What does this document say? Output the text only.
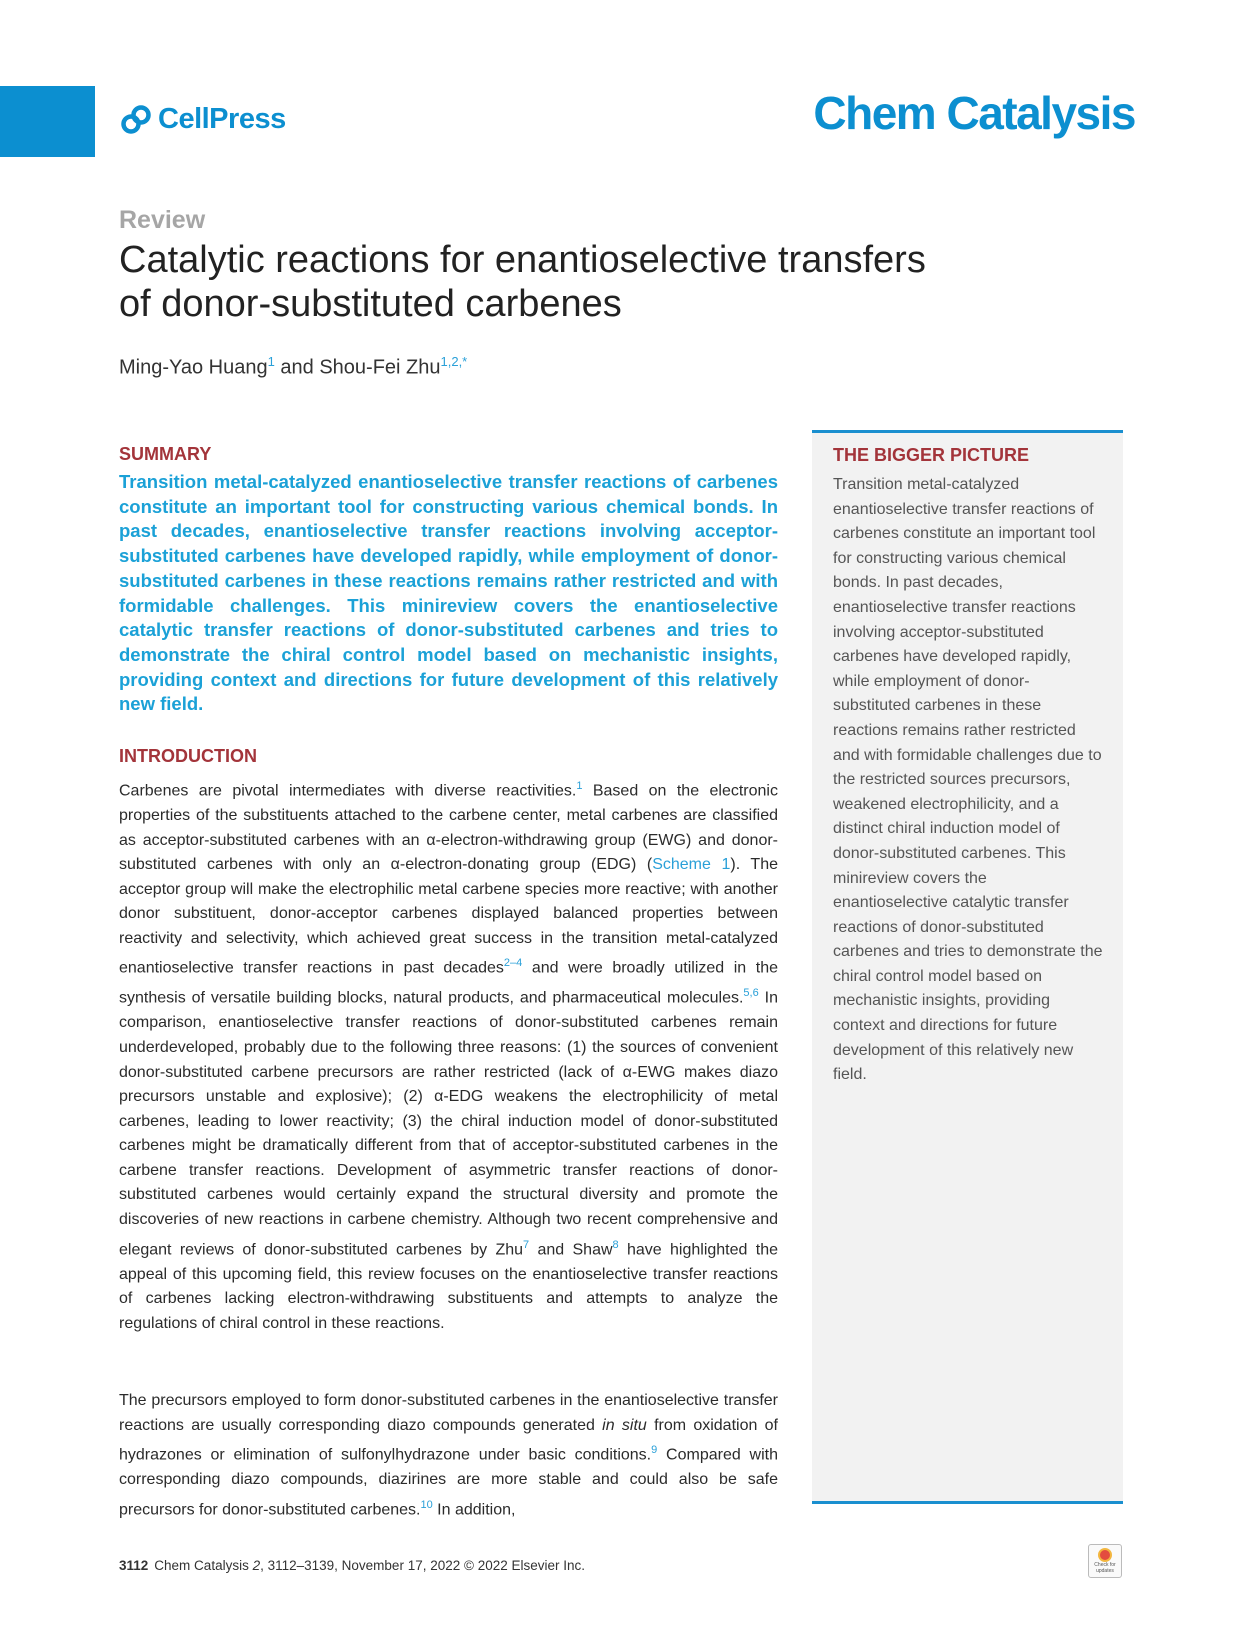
CellPress	Chem Catalysis
Review
Catalytic reactions for enantioselective transfers
of donor-substituted carbenes
Ming-Yao Huang$^1$ and Shou-Fei Zhu$^{1,2,*}$
SUMMARY

Transition metal-catalyzed enantioselective transfer reactions of carbenes constitute an important tool for constructing various chemical bonds. In past decades, enantioselective transfer reactions involving acceptor-substituted carbenes have developed rapidly, while employment of donor-substituted carbenes in these reactions remains rather restricted and with formidable challenges. This minireview covers the enantioselective catalytic transfer reactions of donor-substituted carbenes and tries to demonstrate the chiral control model based on mechanistic insights, providing context and directions for future development of this relatively new field.

INTRODUCTION

Carbenes are pivotal intermediates with diverse reactivities.$^1$ Based on the electronic properties of the substituents attached to the carbene center, metal carbenes are classified as acceptor-substituted carbenes with an α-electron-withdrawing group (EWG) and donor-substituted carbenes with only an α-electron-donating group (EDG) (Scheme 1). The acceptor group will make the electrophilic metal carbene species more reactive; with another donor substituent, donor-acceptor carbenes displayed balanced properties between reactivity and selectivity, which achieved great success in the transition metal-catalyzed enantioselective transfer reactions in past decades$^{2-4}$ and were broadly utilized in the synthesis of versatile building blocks, natural products, and pharmaceutical molecules.$^{5,6}$ In comparison, enantioselective transfer reactions of donor-substituted carbenes remain underdeveloped, probably due to the following three reasons: (1) the sources of convenient donor-substituted carbene precursors are rather restricted (lack of α-EWG makes diazo precursors unstable and explosive); (2) α-EDG weakens the electrophilicity of metal carbenes, leading to lower reactivity; (3) the chiral induction model of donor-substituted carbenes might be dramatically different from that of acceptor-substituted carbenes in the carbene transfer reactions. Development of asymmetric transfer reactions of donor-substituted carbenes would certainly expand the structural diversity and promote the discoveries of new reactions in carbene chemistry. Although two recent comprehensive and elegant reviews of donor-substituted carbenes by Zhu$^7$ and Shaw$^8$ have highlighted the appeal of this upcoming field, this review focuses on the enantioselective transfer reactions of carbenes lacking electron-withdrawing substituents and attempts to analyze the regulations of chiral control in these reactions.

The precursors employed to form donor-substituted carbenes in the enantioselective transfer reactions are usually corresponding diazo compounds generated in situ from oxidation of hydrazones or elimination of sulfonylhydrazone under basic conditions.$^9$ Compared with corresponding diazo compounds, diazirines are more stable and could also be safe precursors for donor-substituted carbenes.$^{10}$ In addition,

THE BIGGER PICTURE

Transition metal-catalyzed enantioselective transfer reactions of carbenes constitute an important tool for constructing various chemical bonds. In past decades, enantioselective transfer reactions involving acceptor-substituted carbenes have developed rapidly, while employment of donor-substituted carbenes in these reactions remains rather restricted and with formidable challenges due to the restricted sources precursors, weakened electrophilicity, and a distinct chiral induction model of donor-substituted carbenes. This minireview covers the enantioselective catalytic transfer reactions of donor-substituted carbenes and tries to demonstrate the chiral control model based on mechanistic insights, providing context and directions for future development of this relatively new field.

3112 Chem Catalysis 2, 3112–3139, November 17, 2022 © 2022 Elsevier Inc.	Check for updates
